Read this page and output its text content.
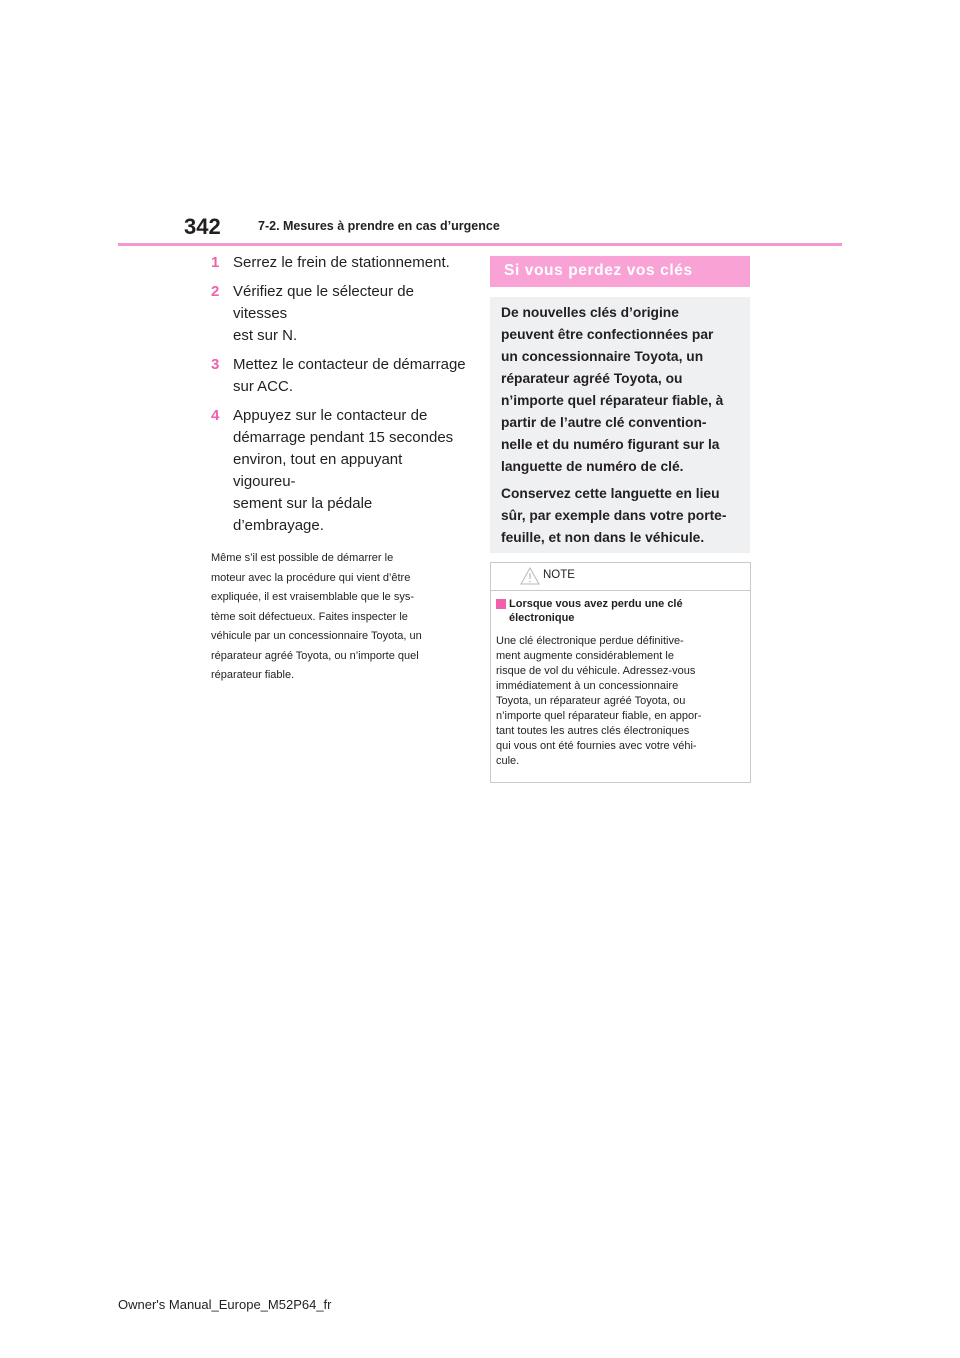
342	7-2. Mesures à prendre en cas d’urgence
1 Serrez le frein de stationnement.
2 Vérifiez que le sélecteur de vitesses
est sur N.
3 Mettez le contacteur de démarrage
sur ACC.
4 Appuyez sur le contacteur de
démarrage pendant 15 secondes
environ, tout en appuyant vigoureu-
sement sur la pédale d’embrayage.
Même s’il est possible de démarrer le
moteur avec la procédure qui vient d’être
expliquée, il est vraisemblable que le sys-
tème soit défectueux. Faites inspecter le
véhicule par un concessionnaire Toyota, un
réparateur agréé Toyota, ou n’importe quel
réparateur fiable.
Si vous perdez vos clés

De nouvelles clés d’origine
peuvent être confectionnées par
un concessionnaire Toyota, un
réparateur agréé Toyota, ou
n’importe quel réparateur fiable, à
partir de l’autre clé convention-
nelle et du numéro figurant sur la
languette de numéro de clé.

Conservez cette languette en lieu
sûr, par exemple dans votre porte-
feuille, et non dans le véhicule.

NOTE
Lorsque vous avez perdu une clé
électronique
Une clé électronique perdue définitive-
ment augmente considérablement le
risque de vol du véhicule. Adressez-vous
immédiatement à un concessionnaire
Toyota, un réparateur agréé Toyota, ou
n’importe quel réparateur fiable, en appor-
tant toutes les autres clés électroniques
qui vous ont été fournies avec votre véhi-
cule.
Owner's Manual_Europe_M52P64_fr
